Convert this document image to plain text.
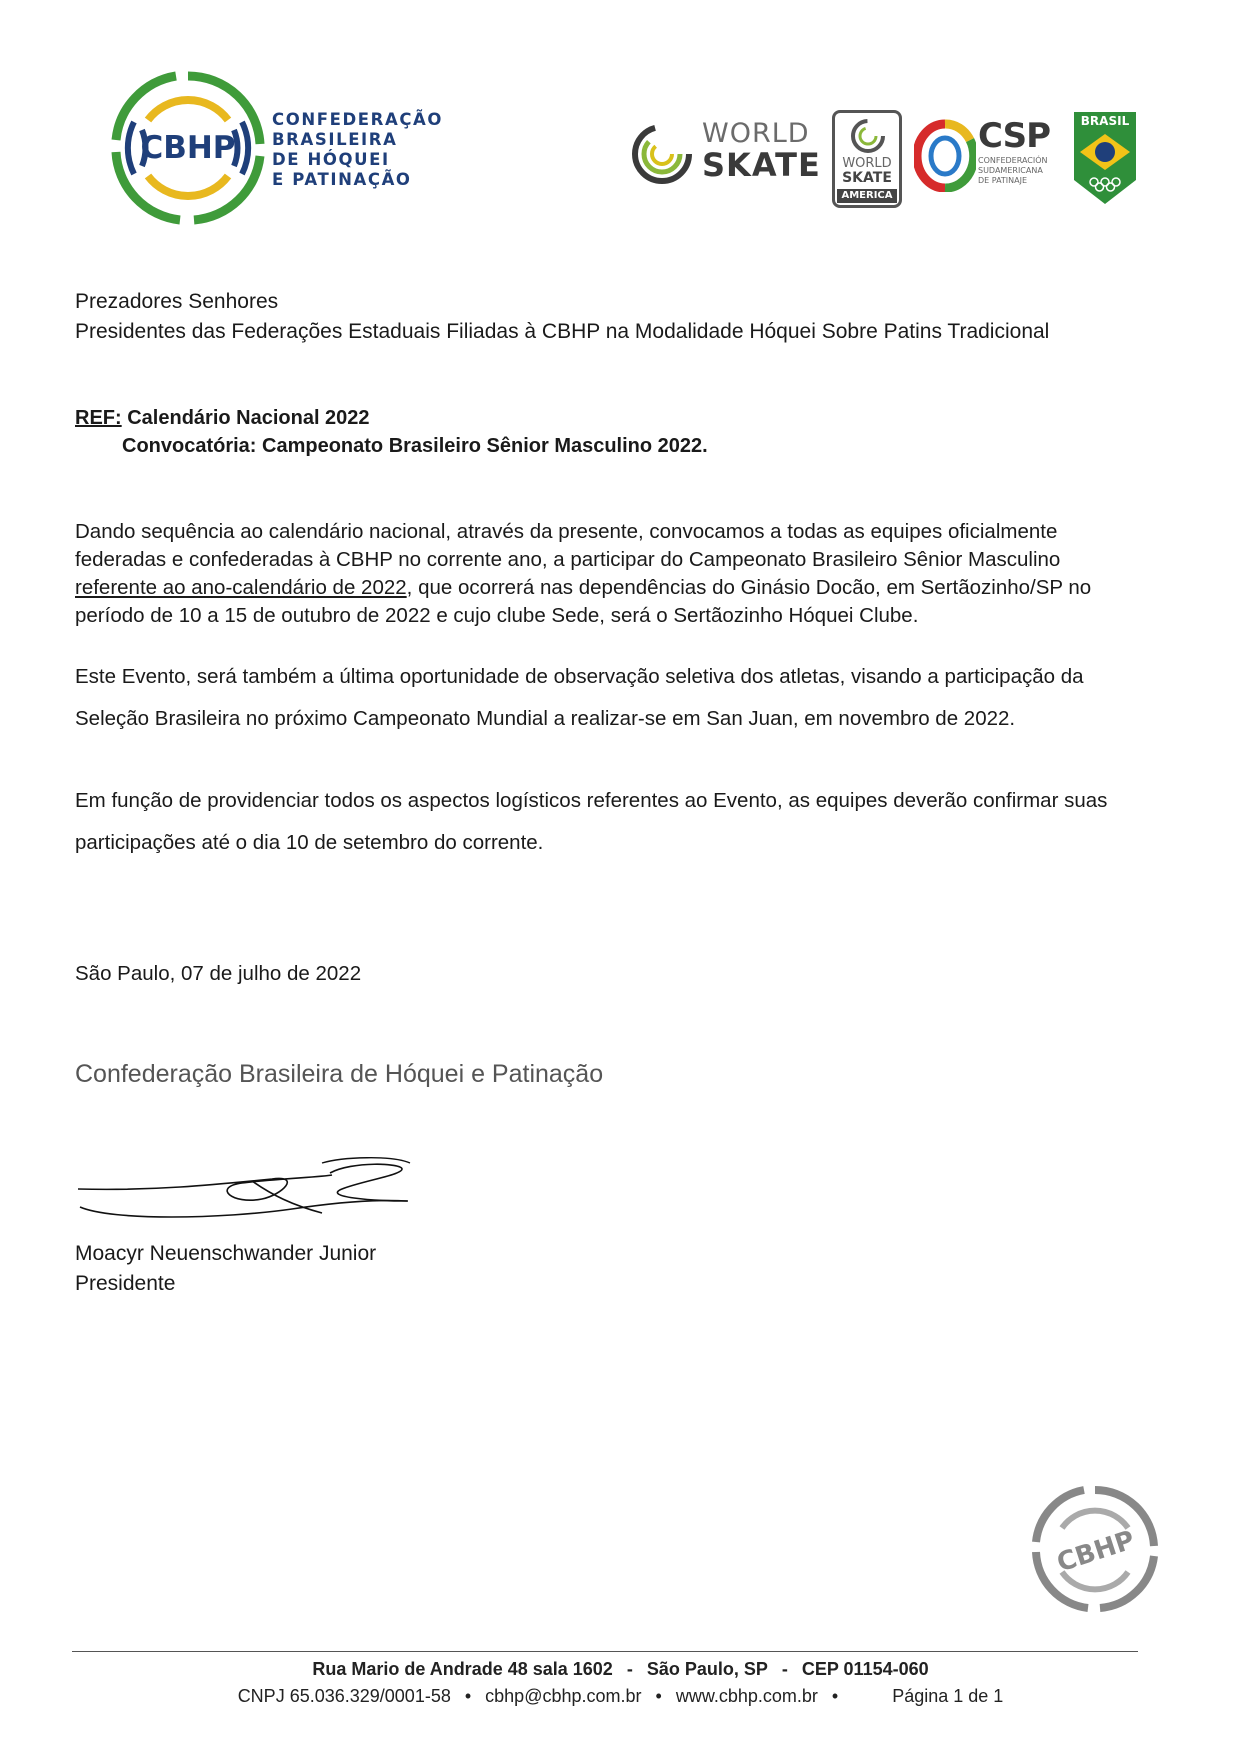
CBHP
CONFEDERAÇÃO
BRASILEIRA
DE HÓQUEI
E PATINAÇÃO
WORLD
SKATE	WORLD
SKATE
AMERICA
CSP
CONFEDERACIÓN
SUDAMERICANA
DE PATINAJE
BRASIL
Prezadores Senhores
Presidentes das Federações Estaduais Filiadas à CBHP na Modalidade Hóquei Sobre Patins Tradicional
REF: Calendário Nacional 2022
Convocatória: Campeonato Brasileiro Sênior Masculino 2022.
Dando sequência ao calendário nacional, através da presente, convocamos a todas as equipes oficialmente
federadas e confederadas à CBHP no corrente ano, a participar do Campeonato Brasileiro Sênior Masculino
referente ao ano-calendário de 2022, que ocorrerá nas dependências do Ginásio Docão, em Sertãozinho/SP no
período de 10 a 15 de outubro de 2022 e cujo clube Sede, será o Sertãozinho Hóquei Clube.
Este Evento, será também a última oportunidade de observação seletiva dos atletas, visando a participação da
Seleção Brasileira no próximo Campeonato Mundial a realizar-se em San Juan, em novembro de 2022.
Em função de providenciar todos os aspectos logísticos referentes ao Evento, as equipes deverão confirmar suas
participações até o dia 10 de setembro do corrente.
São Paulo, 07 de julho de 2022
Confederação Brasileira de Hóquei e Patinação
Moacyr Neuenschwander Junior
Presidente
CBHP
Rua Mario de Andrade 48 sala 1602 - São Paulo, SP - CEP 01154-060
CNPJ 65.036.329/0001-58 • cbhp@cbhp.com.br • www.cbhp.com.br •	Página 1 de 1
